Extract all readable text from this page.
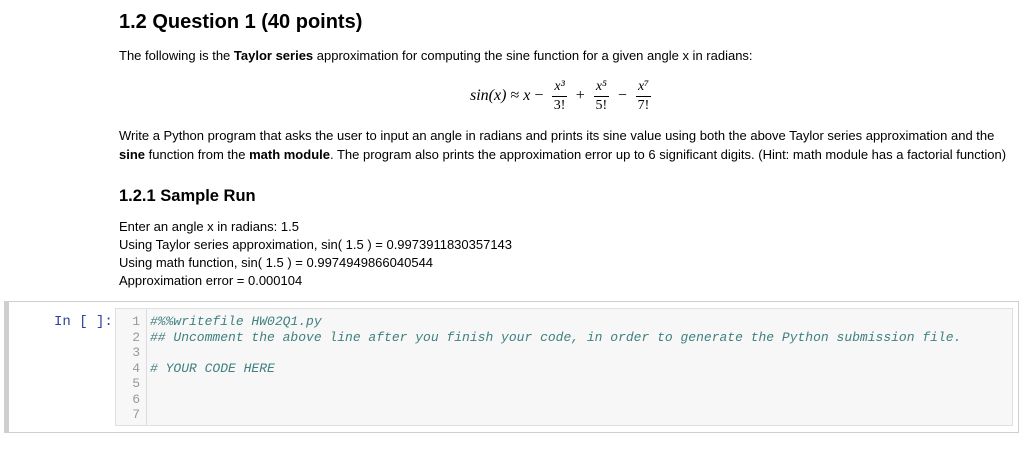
1.2 Question 1 (40 points)

The following is the Taylor series approximation for computing the sine function for a given angle x in radians:

$\sin(x) \approx x - \frac{\text{x³}}{3!} + \frac{\text{x⁵}}{5!} - \frac{\text{x⁷}}{7!}$

Write a Python program that asks the user to input an angle in radians and prints its sine value using both the above Taylor series approximation and the sine function from the math module. The program also prints the approximation error up to 6 significant digits. (Hint: math module has a factorial function)

1.2.1 Sample Run
Enter an angle x in radians: 1.5
Using Taylor series approximation, sin( 1.5 ) = 0.9973911830357143
Using math function, sin( 1.5 ) = 0.9974949866040544
Approximation error = 0.000104
In [ ]:	1 #%%writefile HW02Q1.py
2 ## Uncomment the above line after you finish your code, in order to generate the Python submission file.
3
4 # YOUR CODE HERE
5
6
7
